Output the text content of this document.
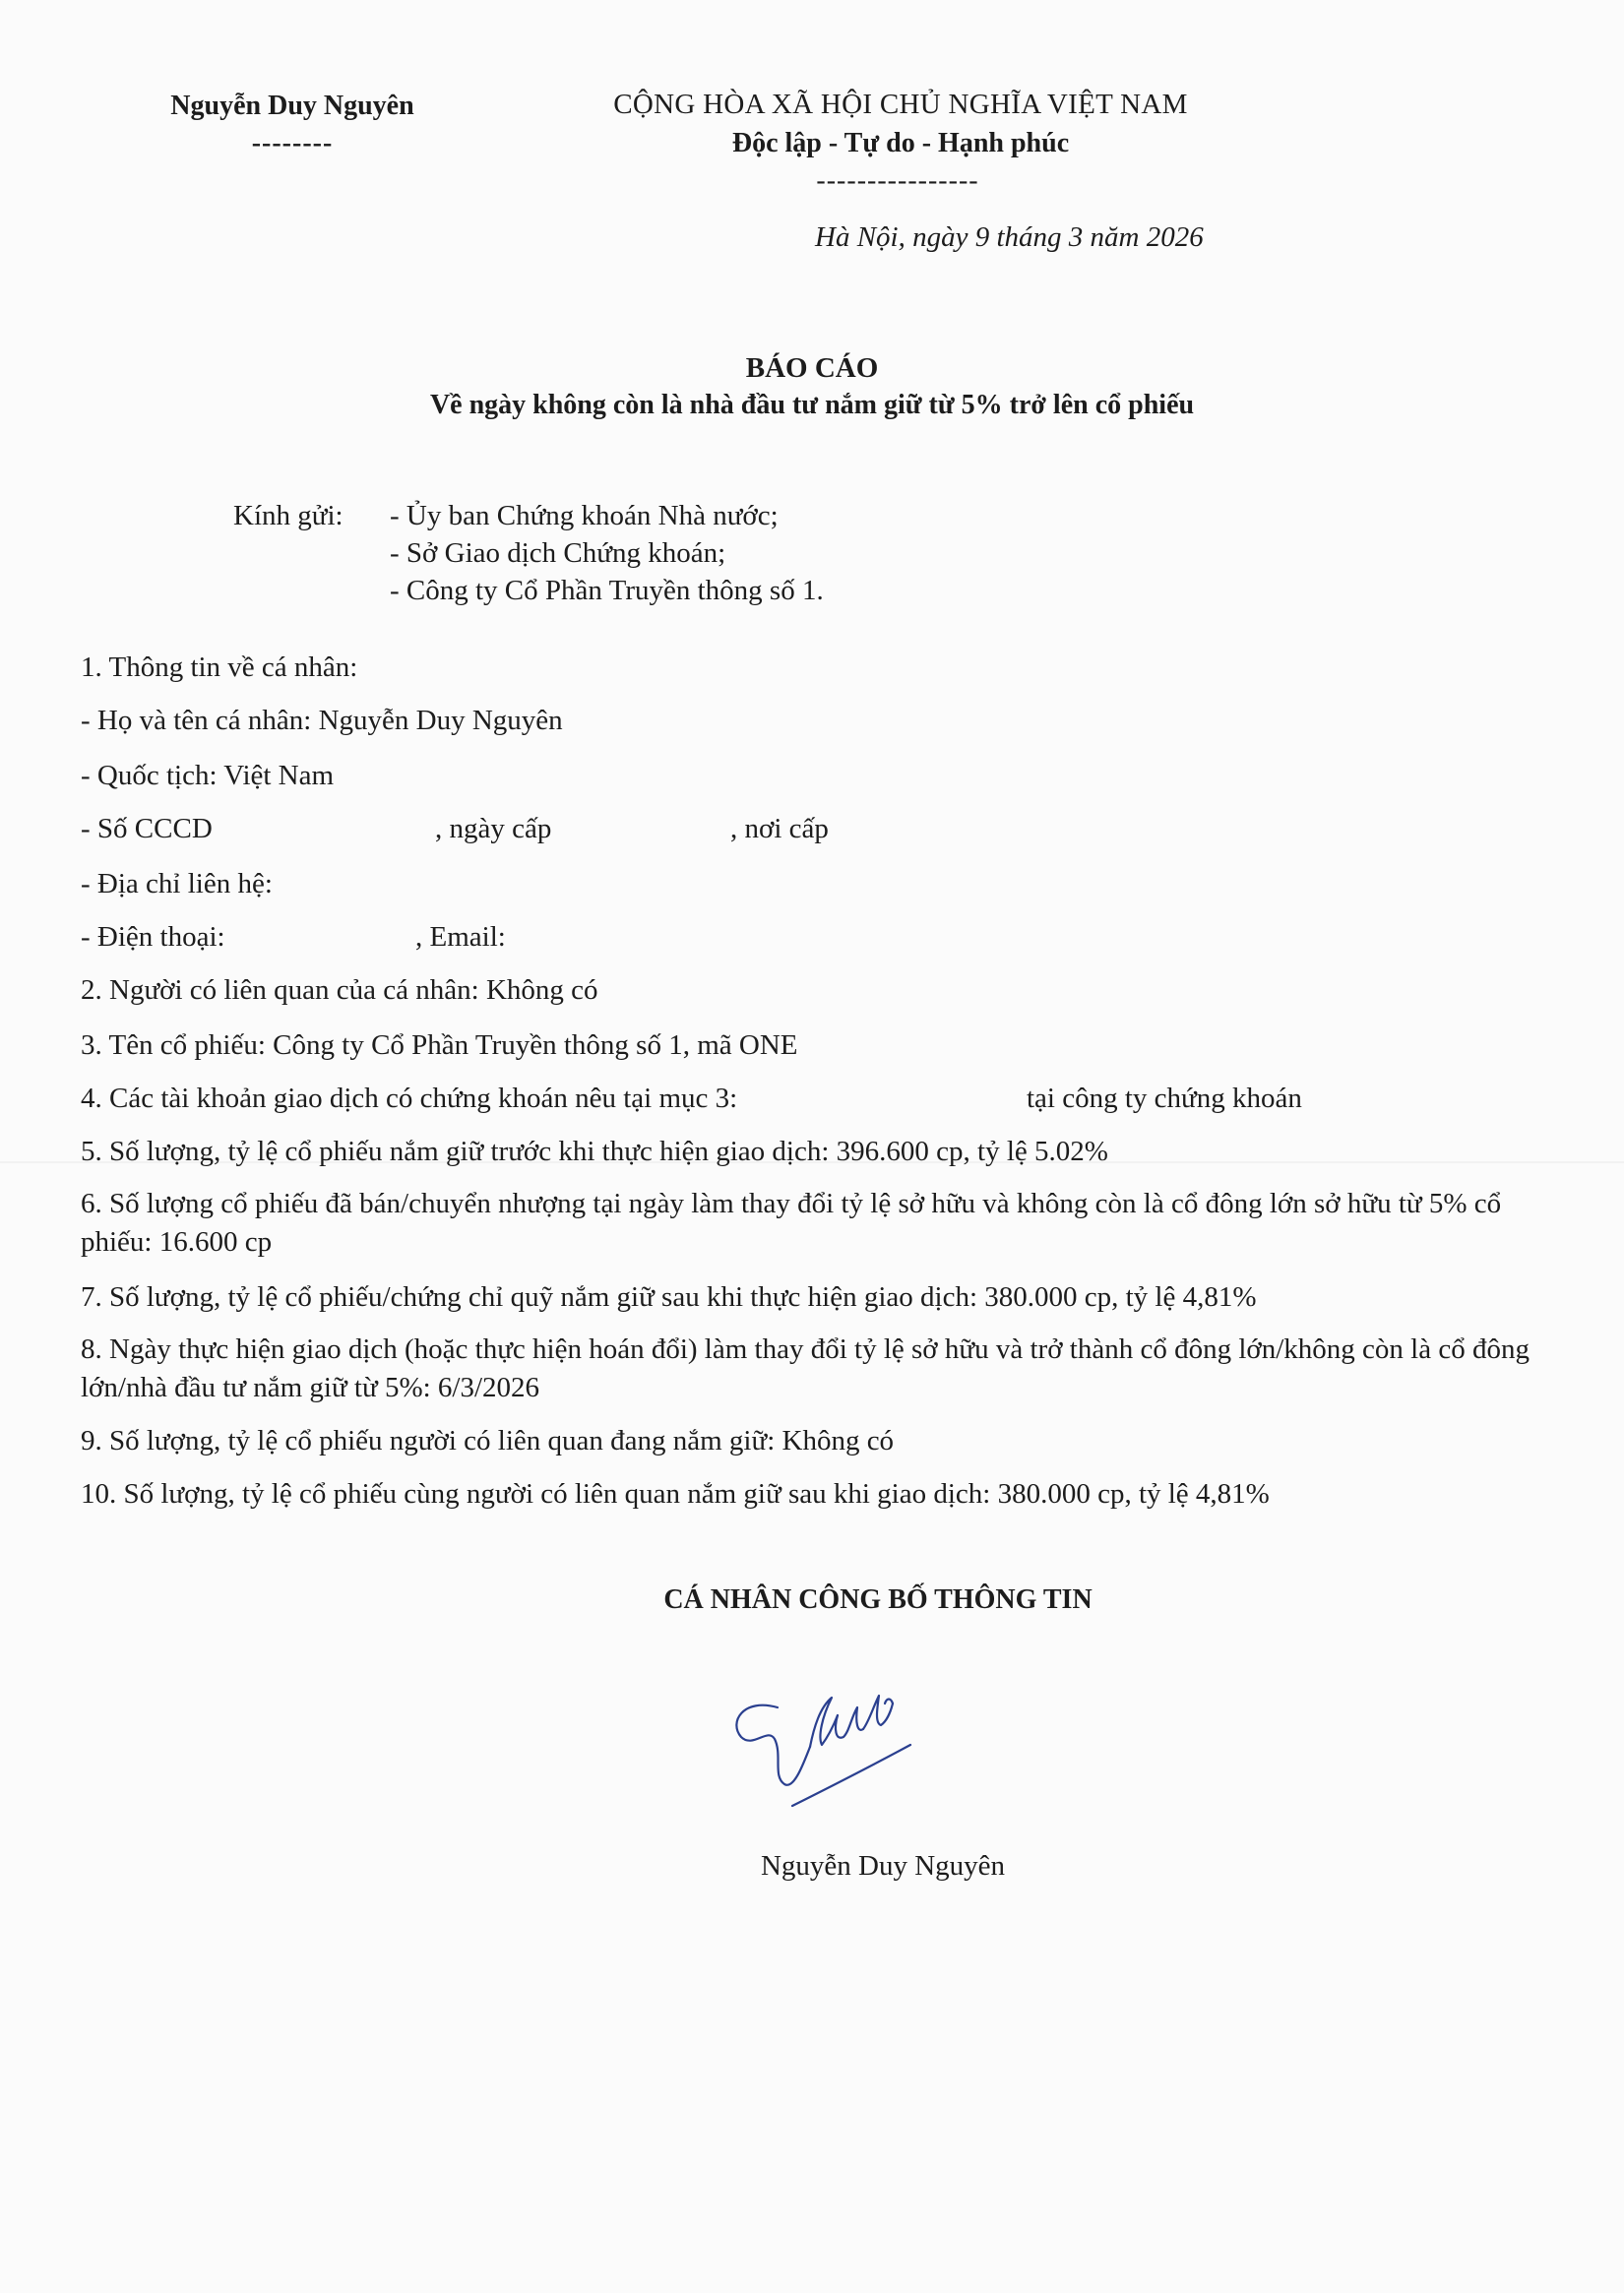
Nguyễn Duy Nguyên
--------
CỘNG HÒA XÃ HỘI CHỦ NGHĨA VIỆT NAM
Độc lập - Tự do - Hạnh phúc
----------------
Hà Nội, ngày 9 tháng 3 năm 2026
BÁO CÁO
Về ngày không còn là nhà đầu tư nắm giữ từ 5% trở lên cổ phiếu
Kính gửi: - Ủy ban Chứng khoán Nhà nước;
- Sở Giao dịch Chứng khoán;
- Công ty Cổ Phần Truyền thông số 1.
1. Thông tin về cá nhân:
- Họ và tên cá nhân: Nguyễn Duy Nguyên
- Quốc tịch: Việt Nam
- Số CCCD	, ngày cấp	, nơi cấp
- Địa chỉ liên hệ:
- Điện thoại:	, Email:
2. Người có liên quan của cá nhân: Không có
3. Tên cổ phiếu: Công ty Cổ Phần Truyền thông số 1, mã ONE
4. Các tài khoản giao dịch có chứng khoán nêu tại mục 3:	tại công ty chứng khoán
5. Số lượng, tỷ lệ cổ phiếu nắm giữ trước khi thực hiện giao dịch: 396.600 cp, tỷ lệ 5.02%
6. Số lượng cổ phiếu đã bán/chuyển nhượng tại ngày làm thay đổi tỷ lệ sở hữu và không còn là cổ đông lớn sở hữu từ 5% cổ phiếu: 16.600 cp
7. Số lượng, tỷ lệ cổ phiếu/chứng chỉ quỹ nắm giữ sau khi thực hiện giao dịch: 380.000 cp, tỷ lệ 4,81%
8. Ngày thực hiện giao dịch (hoặc thực hiện hoán đổi) làm thay đổi tỷ lệ sở hữu và trở thành cổ đông lớn/không còn là cổ đông lớn/nhà đầu tư nắm giữ từ 5%: 6/3/2026
9. Số lượng, tỷ lệ cổ phiếu người có liên quan đang nắm giữ: Không có
10. Số lượng, tỷ lệ cổ phiếu cùng người có liên quan nắm giữ sau khi giao dịch: 380.000 cp, tỷ lệ 4,81%
CÁ NHÂN CÔNG BỐ THÔNG TIN
Nguyễn Duy Nguyên
